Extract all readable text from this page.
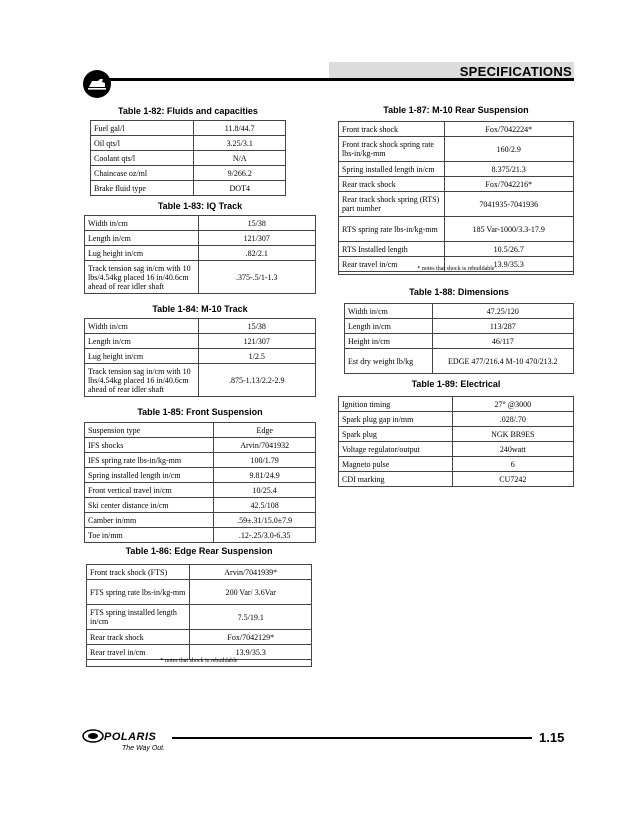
SPECIFICATIONS
Table 1-82: Fluids and capacities
Fuel gal/l	11.8/44.7
Oil qts/l	3.25/3.1
Coolant qts/l	N/A
Chaincase oz/ml	9/266.2
Brake fluid type	DOT4
Table 1-83: IQ Track
Width in/cm	15/38
Length in/cm	121/307
Lug height in/cm	.82/2.1
Track tension sag in/cm with 10 lbs/4.54kg placed 16 in/40.6cm ahead of rear idler shaft	.375-.5/1-1.3
Table 1-84: M-10 Track
Width in/cm	15/38
Length in/cm	121/307
Lug height in/cm	1/2.5
Track tension sag in/cm with 10 lbs/4.54kg placed 16 in/40.6cm ahead of rear idler shaft	.875-1.13/2.2-2.9
Table 1-85: Front Suspension
Suspension type	Edge
IFS shocks	Arvin/7041932
IFS spring rate lbs-in/kg-mm	100/1.79
Spring installed length in/cm	9.81/24.9
Front vertical travel in/cm	10/25.4
Ski center distance in/cm	42.5/108
Camber in/mm	.59±.31/15.0±7.9
Toe in/mm	.12-.25/3.0-6.35
Table 1-86: Edge Rear Suspension
Front track shock (FTS)	Arvin/7041939*
FTS spring rate lbs-in/kg-mm	200 Var/ 3.6Var
FTS spring installed length in/cm	7.5/19.1
Rear track shock	Fox/7042129*
Rear travel in/cm	13.9/35.3
* notes that shock is rebuildable
Table 1-87: M-10 Rear Suspension
Front track shock	Fox/7042224*
Front track shock spring rate lbs-in/kg-mm	160/2.9
Spring installed length in/cm	8.375/21.3
Rear track shock	Fox/7042216*
Rear track shock spring (RTS) part number	7041935-7041936
RTS spring rate lbs-in/kg-mm	185 Var-1000/3.3-17.9
RTS Installed length	10.5/26.7
Rear travel in/cm	13.9/35.3
* notes that shock is rebuildable
Table 1-88: Dimensions
Width in/cm	47.25/120
Length in/cm	113/287
Height in/cm	46/117
Est dry weight lb/kg	EDGE 477/216.4 M-10 470/213.2
Table 1-89: Electrical
Ignition timing	27° @3000
Spark plug gap in/mm	.028/.70
Spark plug	NGK BR9ES
Voltage regulator/output	240watt
Magneto pulse	6
CDI marking	CU7242
POLARIS
The Way Out.
1.15
